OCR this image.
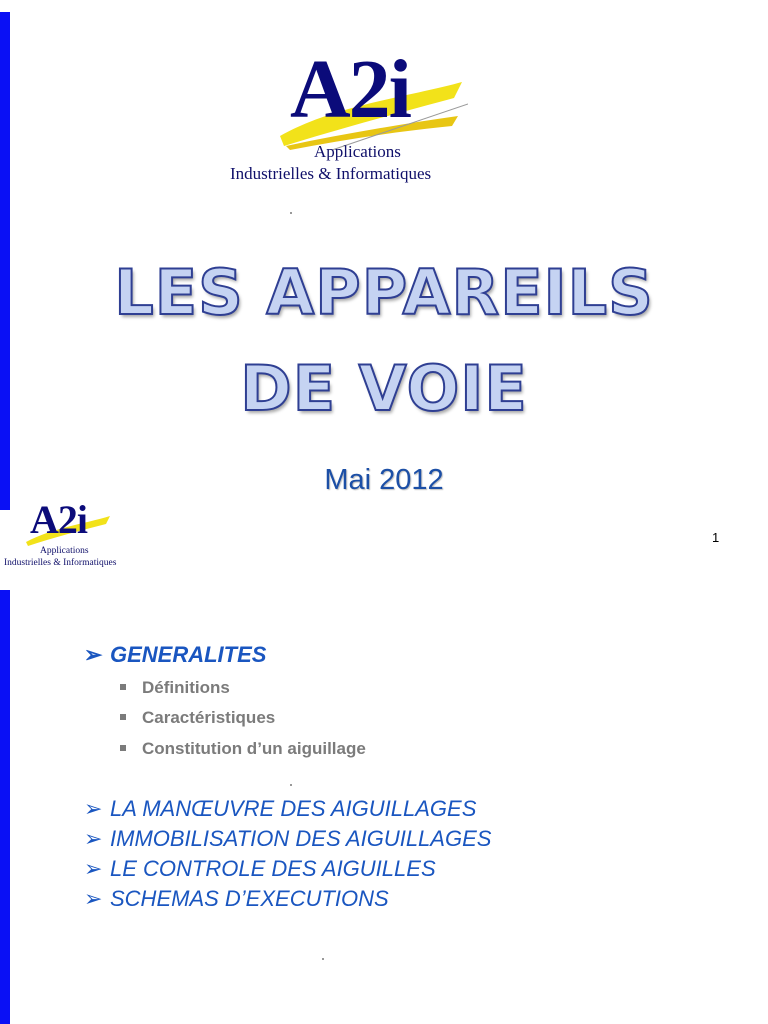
A2i
Applications
Industrielles & Informatiques
LES APPAREILS
DE VOIE
Mai 2012
A2i
Applications
Industrielles & Informatiques
1
➢ GENERALITES
Définitions
Caractéristiques
Constitution d’un aiguillage
➢ LA MANŒUVRE DES AIGUILLAGES
➢ IMMOBILISATION DES AIGUILLAGES
➢ LE CONTROLE DES AIGUILLES
➢ SCHEMAS D’EXECUTIONS
